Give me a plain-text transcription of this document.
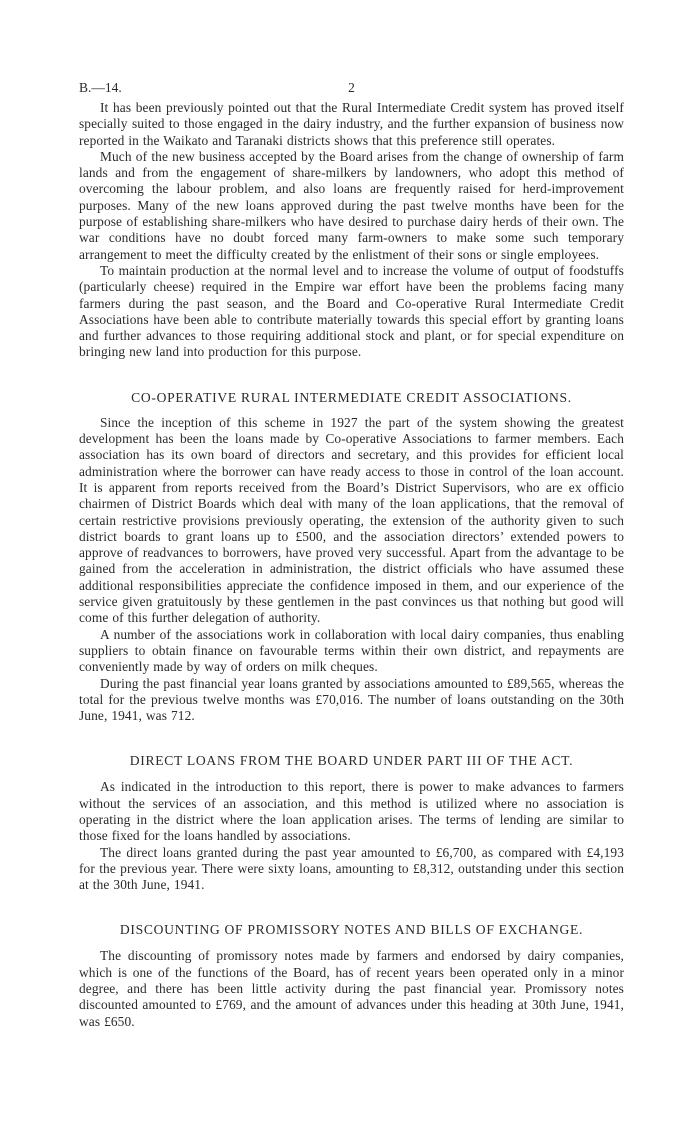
B.—14.	2

It has been previously pointed out that the Rural Intermediate Credit system has proved itself specially suited to those engaged in the dairy industry, and the further expansion of business now reported in the Waikato and Taranaki districts shows that this preference still operates.

Much of the new business accepted by the Board arises from the change of ownership of farm lands and from the engagement of share-milkers by landowners, who adopt this method of overcoming the labour problem, and also loans are frequently raised for herd-improvement purposes. Many of the new loans approved during the past twelve months have been for the purpose of establishing share-milkers who have desired to purchase dairy herds of their own. The war conditions have no doubt forced many farm-owners to make some such temporary arrangement to meet the difficulty created by the enlistment of their sons or single employees.

To maintain production at the normal level and to increase the volume of output of foodstuffs (particularly cheese) required in the Empire war effort have been the problems facing many farmers during the past season, and the Board and Co-operative Rural Intermediate Credit Associations have been able to contribute materially towards this special effort by granting loans and further advances to those requiring additional stock and plant, or for special expenditure on bringing new land into production for this purpose.

CO-OPERATIVE RURAL INTERMEDIATE CREDIT ASSOCIATIONS.

Since the inception of this scheme in 1927 the part of the system showing the greatest development has been the loans made by Co-operative Associations to farmer members. Each association has its own board of directors and secretary, and this provides for efficient local administration where the borrower can have ready access to those in control of the loan account. It is apparent from reports received from the Board’s District Supervisors, who are ex officio chairmen of District Boards which deal with many of the loan applications, that the removal of certain restrictive provisions previously operating, the extension of the authority given to such district boards to grant loans up to £500, and the association directors’ extended powers to approve of readvances to borrowers, have proved very successful. Apart from the advantage to be gained from the acceleration in administration, the district officials who have assumed these additional responsibilities appreciate the confidence imposed in them, and our experience of the service given gratuitously by these gentlemen in the past convinces us that nothing but good will come of this further delegation of authority.

A number of the associations work in collaboration with local dairy companies, thus enabling suppliers to obtain finance on favourable terms within their own district, and repayments are conveniently made by way of orders on milk cheques.

During the past financial year loans granted by associations amounted to £89,565, whereas the total for the previous twelve months was £70,016. The number of loans outstanding on the 30th June, 1941, was 712.

DIRECT LOANS FROM THE BOARD UNDER PART III OF THE ACT.

As indicated in the introduction to this report, there is power to make advances to farmers without the services of an association, and this method is utilized where no association is operating in the district where the loan application arises. The terms of lending are similar to those fixed for the loans handled by associations.

The direct loans granted during the past year amounted to £6,700, as compared with £4,193 for the previous year. There were sixty loans, amounting to £8,312, outstanding under this section at the 30th June, 1941.

DISCOUNTING OF PROMISSORY NOTES AND BILLS OF EXCHANGE.

The discounting of promissory notes made by farmers and endorsed by dairy companies, which is one of the functions of the Board, has of recent years been operated only in a minor degree, and there has been little activity during the past financial year. Promissory notes discounted amounted to £769, and the amount of advances under this heading at 30th June, 1941, was £650.
